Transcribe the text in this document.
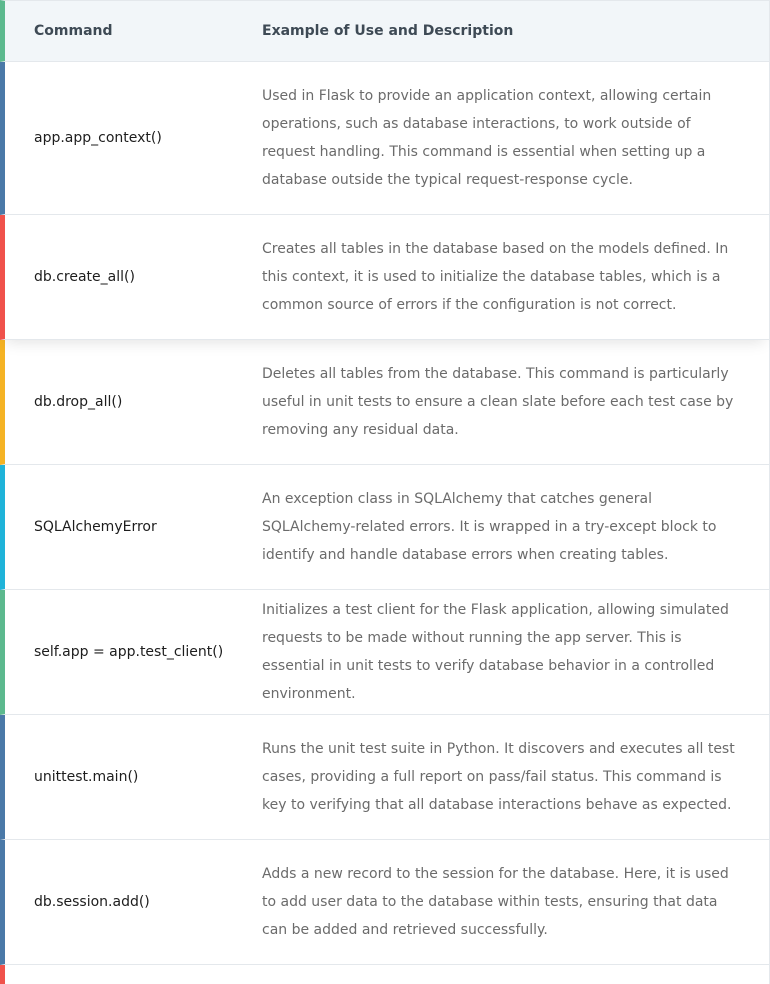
Command	Example of Use and Description
app.app_context()
Used in Flask to provide an application context, allowing certain operations, such as database interactions, to work outside of request handling. This command is essential when setting up a database outside the typical request-response cycle.
db.create_all()
Creates all tables in the database based on the models defined. In this context, it is used to initialize the database tables, which is a common source of errors if the configuration is not correct.
db.drop_all()
Deletes all tables from the database. This command is particularly useful in unit tests to ensure a clean slate before each test case by removing any residual data.
SQLAlchemyError
An exception class in SQLAlchemy that catches general SQLAlchemy-related errors. It is wrapped in a try-except block to identify and handle database errors when creating tables.
self.app = app.test_client()
Initializes a test client for the Flask application, allowing simulated requests to be made without running the app server. This is essential in unit tests to verify database behavior in a controlled environment.
unittest.main()
Runs the unit test suite in Python. It discovers and executes all test cases, providing a full report on pass/fail status. This command is key to verifying that all database interactions behave as expected.
db.session.add()
Adds a new record to the session for the database. Here, it is used to add user data to the database within tests, ensuring that data can be added and retrieved successfully.
